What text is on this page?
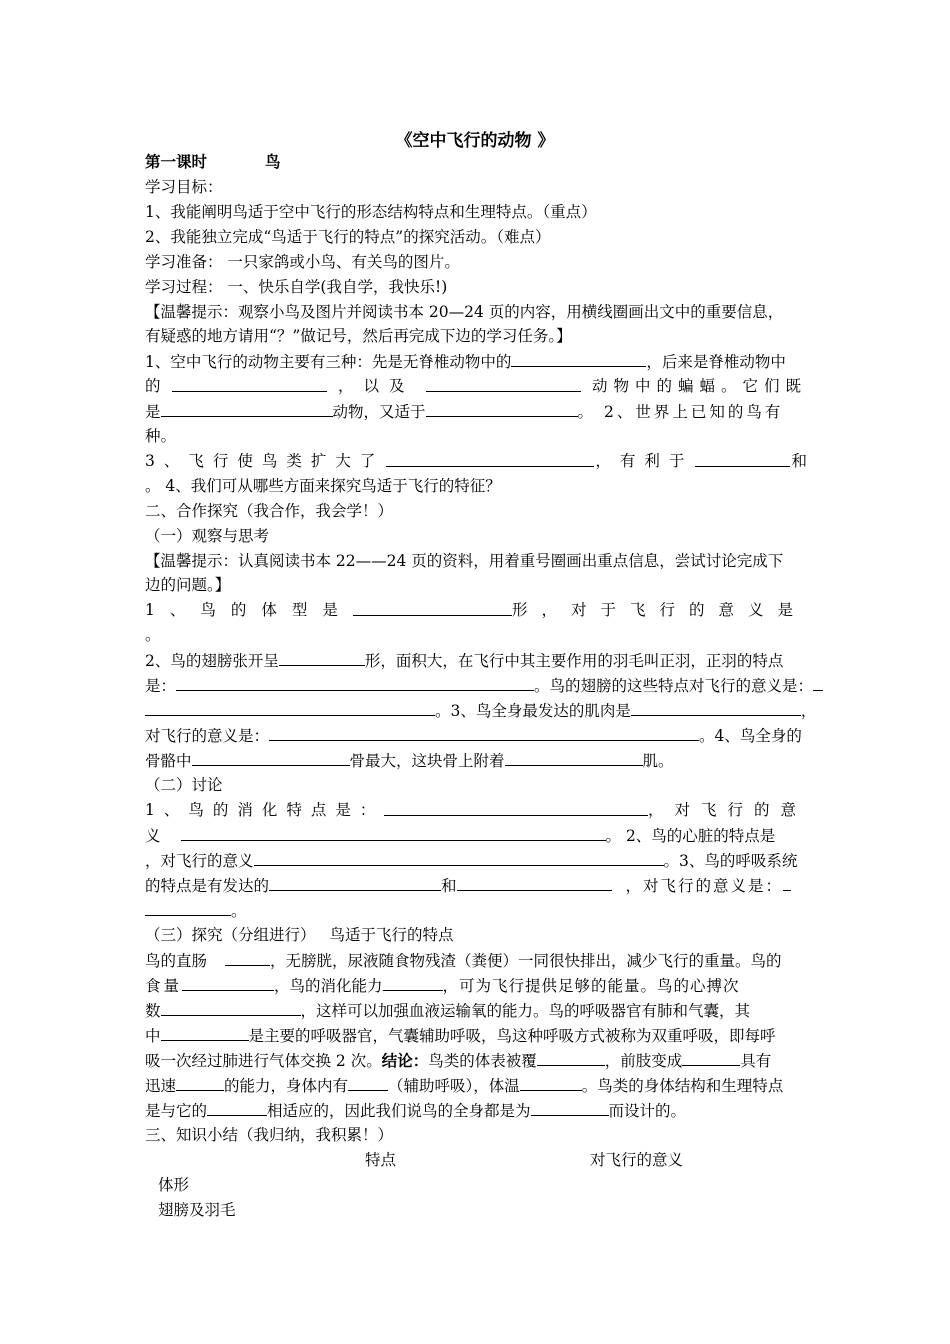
《空中飞行的动物 》
第一课时	鸟
学习目标：
1、我能阐明鸟适于空中飞行的形态结构特点和生理特点。（重点）
2、我能独立完成“鸟适于飞行的特点”的探究活动。（难点）
学习准备： 一只家鸽或小鸟、有关鸟的图片。
学习过程： 一、快乐自学(我自学，我快乐!)
【温馨提示：观察小鸟及图片并阅读书本 20—24 页的内容，用横线圈画出文中的重要信息，
有疑惑的地方请用“？”做记号，然后再完成下边的学习任务。】
1、空中飞行的动物主要有三种：先是无脊椎动物中的	，后来是脊椎动物中
的	，以及	动物中的蝙蝠。它们既
是	动物，又适于	。 2、世界上已知的鸟有
种。
3、飞行使鸟类扩大了	，有利于	和
。 4、我们可从哪些方面来探究鸟适于飞行的特征？
二、合作探究（我合作，我会学！）
（一）观察与思考
【温馨提示：认真阅读书本 22——24 页的资料，用着重号圈画出重点信息，尝试讨论完成下
边的问题。】
1、鸟的体型是	形，对于飞行的意义是
。
2、鸟的翅膀张开呈	形，面积大，在飞行中其主要作用的羽毛叫正羽，正羽的特点
是：	。鸟的翅膀的这些特点对飞行的意义是：
。3、鸟全身最发达的肌肉是	，
对飞行的意义是：	。4、鸟全身的
骨骼中	骨最大，这块骨上附着	肌。
（二）讨论
1、鸟的消化特点是：	，对飞行的意
义	。 2、鸟的心脏的特点是
，对飞行的意义	。3、鸟的呼吸系统
的特点是有发达的	和	，对飞行的意义是：
。
（三）探究（分组进行） 鸟适于飞行的特点
鸟的直肠	，无膀胱，尿液随食物残渣（粪便）一同很快排出，减少飞行的重量。鸟的
食量	，鸟的消化能力	，可为飞行提供足够的能量。鸟的心搏次
数	，这样可以加强血液运输氧的能力。鸟的呼吸器官有肺和气囊，其
中	是主要的呼吸器官，气囊辅助呼吸，鸟这种呼吸方式被称为双重呼吸，即每呼
吸一次经过肺进行气体交换 2 次。结论：鸟类的体表被覆	，前肢变成	具有
迅速	的能力，身体内有	（辅助呼吸），体温	。鸟类的身体结构和生理特点
是与它的	相适应的，因此我们说鸟的全身都是为	而设计的。
三、知识小结（我归纳，我积累！）
特点	对飞行的意义
体形
翅膀及羽毛
